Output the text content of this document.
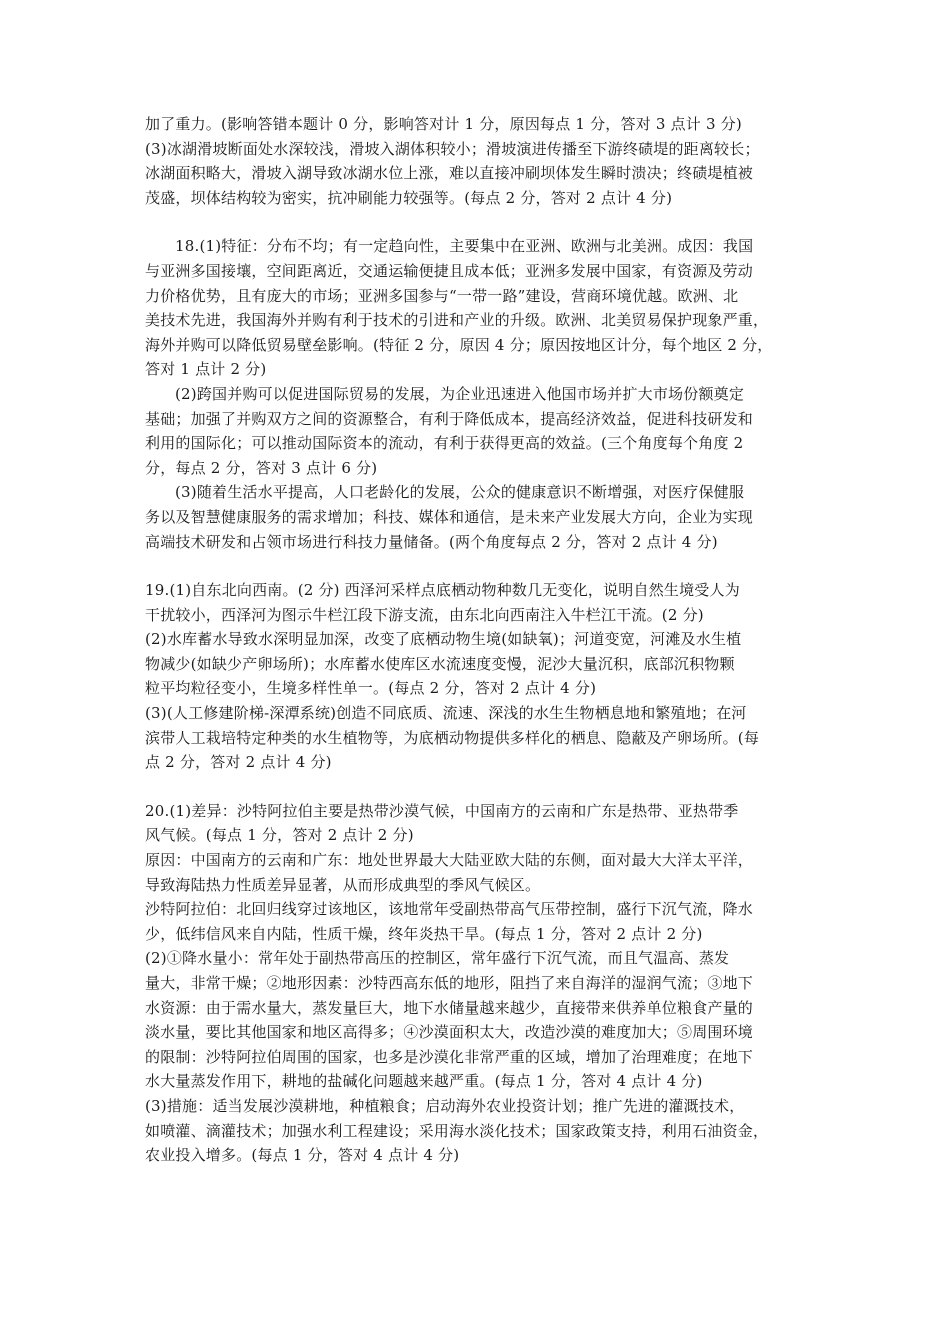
加了重力。(影响答错本题计 0 分，影响答对计 1 分，原因每点 1 分，答对 3 点计 3 分)
(3)冰湖滑坡断面处水深较浅，滑坡入湖体积较小；滑坡演进传播至下游终碛堤的距离较长；
冰湖面积略大，滑坡入湖导致冰湖水位上涨，难以直接冲刷坝体发生瞬时溃决；终碛堤植被
茂盛，坝体结构较为密实，抗冲刷能力较强等。(每点 2 分，答对 2 点计 4 分)
18.(1)特征：分布不均；有一定趋向性，主要集中在亚洲、欧洲与北美洲。成因：我国
与亚洲多国接壤，空间距离近，交通运输便捷且成本低；亚洲多发展中国家，有资源及劳动
力价格优势，且有庞大的市场；亚洲多国参与“一带一路”建设，营商环境优越。欧洲、北
美技术先进，我国海外并购有利于技术的引进和产业的升级。欧洲、北美贸易保护现象严重，
海外并购可以降低贸易壁垒影响。(特征 2 分，原因 4 分；原因按地区计分，每个地区 2 分，
答对 1 点计 2 分)
(2)跨国并购可以促进国际贸易的发展，为企业迅速进入他国市场并扩大市场份额奠定
基础；加强了并购双方之间的资源整合，有利于降低成本，提高经济效益，促进科技研发和
利用的国际化；可以推动国际资本的流动，有利于获得更高的效益。(三个角度每个角度 2
分，每点 2 分，答对 3 点计 6 分)
(3)随着生活水平提高，人口老龄化的发展，公众的健康意识不断增强，对医疗保健服
务以及智慧健康服务的需求增加；科技、媒体和通信，是未来产业发展大方向，企业为实现
高端技术研发和占领市场进行科技力量储备。(两个角度每点 2 分，答对 2 点计 4 分)
19.(1)自东北向西南。(2 分) 西泽河采样点底栖动物种数几无变化，说明自然生境受人为
干扰较小，西泽河为图示牛栏江段下游支流，由东北向西南注入牛栏江干流。(2 分)
(2)水库蓄水导致水深明显加深，改变了底栖动物生境(如缺氧)；河道变宽，河滩及水生植
物减少(如缺少产卵场所)；水库蓄水使库区水流速度变慢，泥沙大量沉积，底部沉积物颗
粒平均粒径变小，生境多样性单一。(每点 2 分，答对 2 点计 4 分)
(3)(人工修建阶梯-深潭系统)创造不同底质、流速、深浅的水生生物栖息地和繁殖地；在河
滨带人工栽培特定种类的水生植物等，为底栖动物提供多样化的栖息、隐蔽及产卵场所。(每
点 2 分，答对 2 点计 4 分)
20.(1)差异：沙特阿拉伯主要是热带沙漠气候，中国南方的云南和广东是热带、亚热带季
风气候。(每点 1 分，答对 2 点计 2 分)
原因：中国南方的云南和广东：地处世界最大大陆亚欧大陆的东侧，面对最大大洋太平洋，
导致海陆热力性质差异显著，从而形成典型的季风气候区。
沙特阿拉伯：北回归线穿过该地区，该地常年受副热带高气压带控制，盛行下沉气流，降水
少，低纬信风来自内陆，性质干燥，终年炎热干旱。(每点 1 分，答对 2 点计 2 分)
(2)①降水量小：常年处于副热带高压的控制区，常年盛行下沉气流，而且气温高、蒸发
量大，非常干燥；②地形因素：沙特西高东低的地形，阻挡了来自海洋的湿润气流；③地下
水资源：由于需水量大，蒸发量巨大，地下水储量越来越少，直接带来供养单位粮食产量的
淡水量，要比其他国家和地区高得多；④沙漠面积太大，改造沙漠的难度加大；⑤周围环境
的限制：沙特阿拉伯周围的国家，也多是沙漠化非常严重的区域，增加了治理难度；在地下
水大量蒸发作用下，耕地的盐碱化问题越来越严重。(每点 1 分，答对 4 点计 4 分)
(3)措施：适当发展沙漠耕地，种植粮食；启动海外农业投资计划；推广先进的灌溉技术，
如喷灌、滴灌技术；加强水利工程建设；采用海水淡化技术；国家政策支持，利用石油资金，
农业投入增多。(每点 1 分，答对 4 点计 4 分)
